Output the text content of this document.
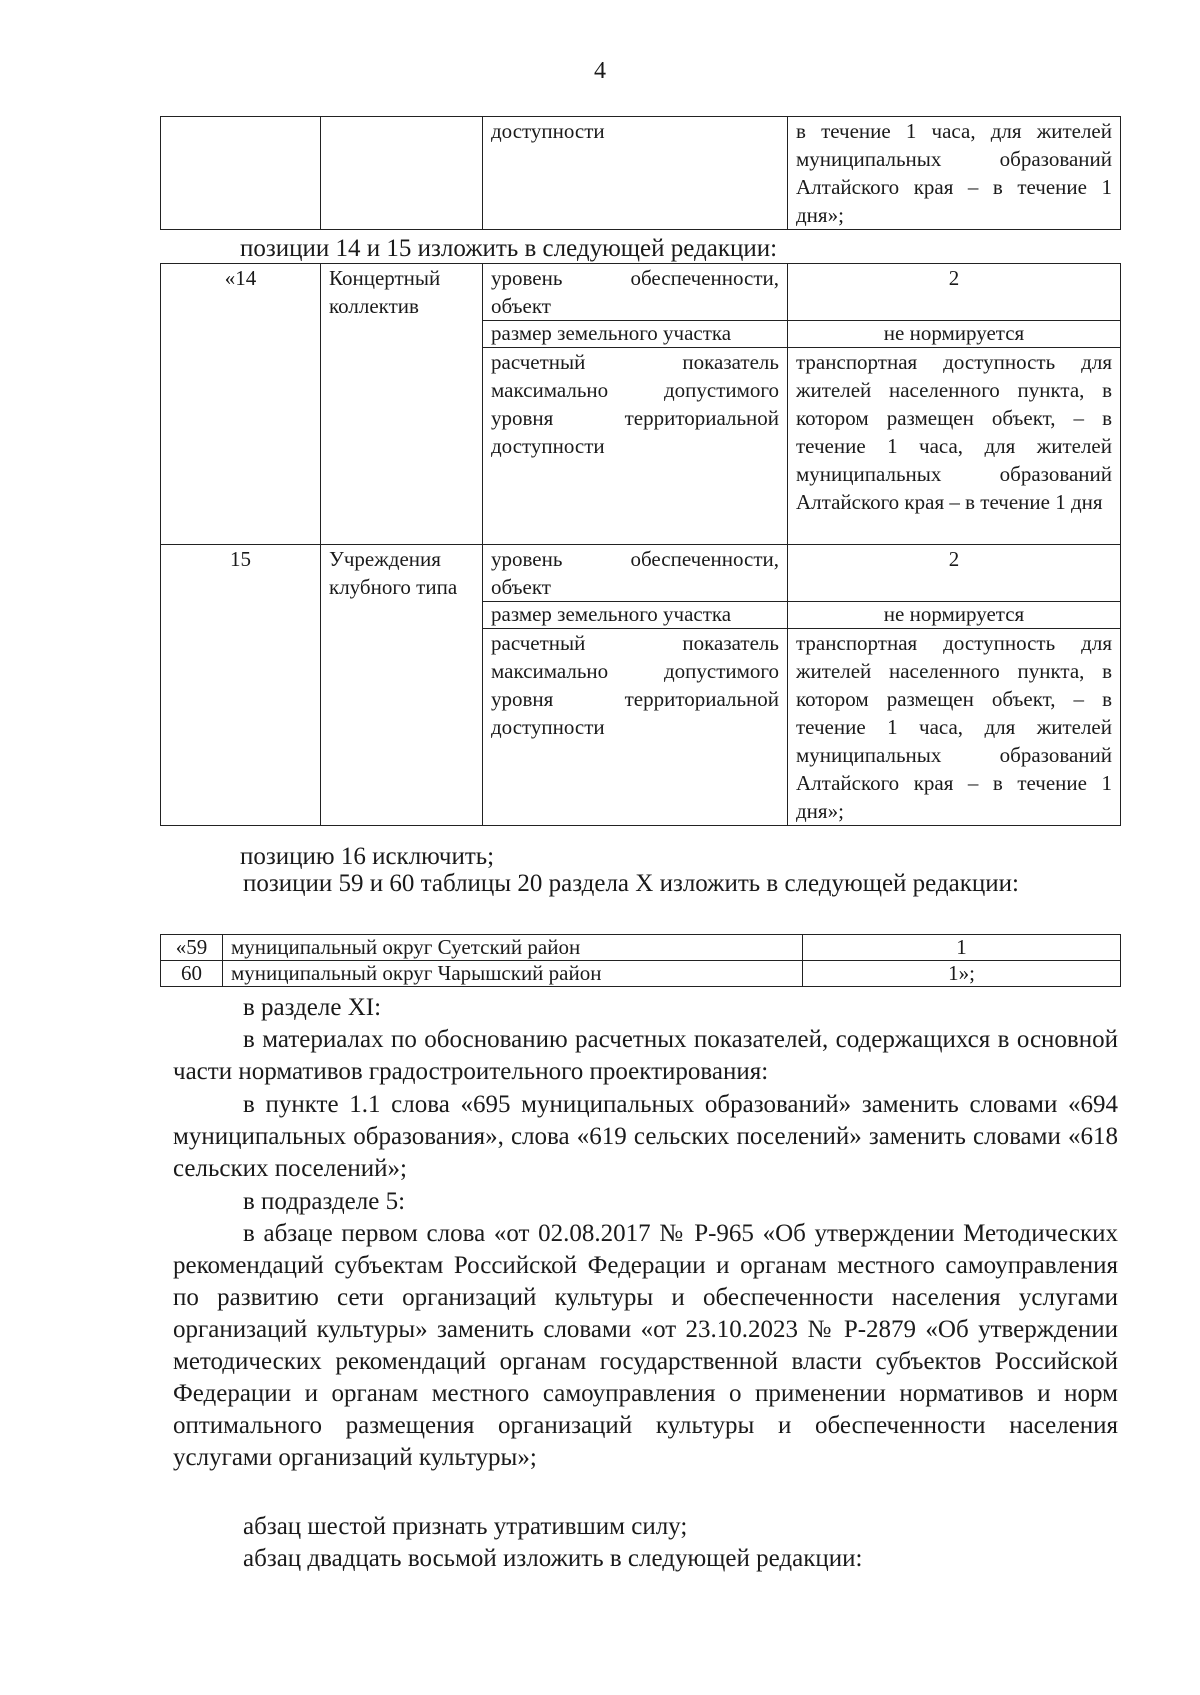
4
		доступности	в течение 1 часа, для жителей муниципальных образований Алтайского края – в течение 1 дня»;
позиции 14 и 15 изложить в следующей редакции:
«14	Концертный коллектив	уровень обеспеченности, объект	2
		размер земельного участка	не нормируется
		расчетный показатель максимально допустимого уровня территориальной доступности	транспортная доступность для жителей населенного пункта, в котором размещен объект, – в течение 1 часа, для жителей муниципальных образований Алтайского края – в течение 1 дня
15	Учреждения клубного типа	уровень обеспеченности, объект	2
		размер земельного участка	не нормируется
		расчетный показатель максимально допустимого уровня территориальной доступности	транспортная доступность для жителей населенного пункта, в котором размещен объект, – в течение 1 часа, для жителей муниципальных образований Алтайского края – в течение 1 дня»;
позицию 16 исключить;
позиции 59 и 60 таблицы 20 раздела X изложить в следующей редакции:
«59	муниципальный округ Суетский район	1
60	муниципальный округ Чарышский район	1»;
в разделе XI:
в материалах по обоснованию расчетных показателей, содержащихся в основной части нормативов градостроительного проектирования:
в пункте 1.1 слова «695 муниципальных образований» заменить словами «694 муниципальных образования», слова «619 сельских поселений» заменить словами «618 сельских поселений»;
в подразделе 5:
в абзаце первом слова «от 02.08.2017 № Р-965 «Об утверждении Методических рекомендаций субъектам Российской Федерации и органам местного самоуправления по развитию сети организаций культуры и обеспеченности населения услугами организаций культуры» заменить словами «от 23.10.2023 № Р-2879 «Об утверждении методических рекомендаций органам государственной власти субъектов Российской Федерации и органам местного самоуправления о применении нормативов и норм оптимального размещения организаций культуры и обеспеченности населения услугами организаций культуры»;
абзац шестой признать утратившим силу;
абзац двадцать восьмой изложить в следующей редакции:
